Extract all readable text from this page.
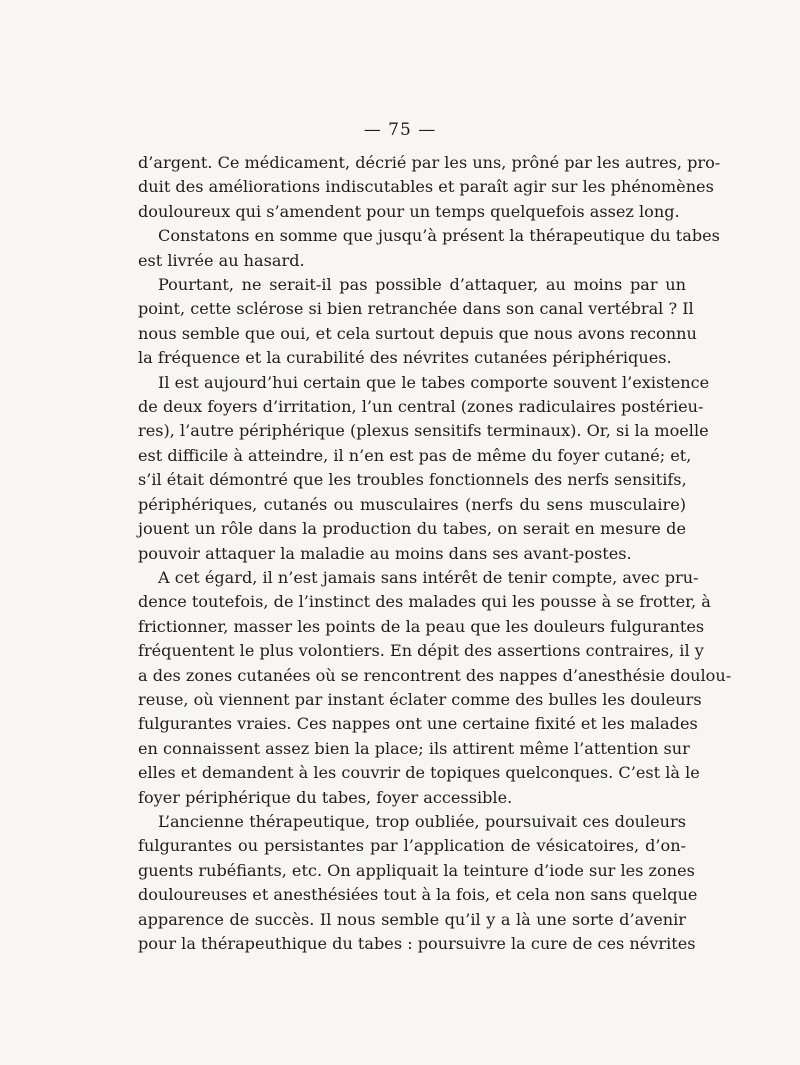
— 75 —
d’argent. Ce médicament, décrié par les uns, prôné par les autres, pro-
duit des améliorations indiscutables et paraît agir sur les phénomènes
douloureux qui s’amendent pour un temps quelquefois assez long.
Constatons en somme que jusqu’à présent la thérapeutique du tabes
est livrée au hasard.
Pourtant, ne serait-il pas possible d’attaquer, au moins par un
point, cette sclérose si bien retranchée dans son canal vertébral ? Il
nous semble que oui, et cela surtout depuis que nous avons reconnu
la fréquence et la curabilité des névrites cutanées périphériques.
Il est aujourd’hui certain que le tabes comporte souvent l’existence
de deux foyers d’irritation, l’un central (zones radiculaires postérieu-
res), l’autre périphérique (plexus sensitifs terminaux). Or, si la moelle
est difficile à atteindre, il n’en est pas de même du foyer cutané; et,
s’il était démontré que les troubles fonctionnels des nerfs sensitifs,
périphériques, cutanés ou musculaires (nerfs du sens musculaire)
jouent un rôle dans la production du tabes, on serait en mesure de
pouvoir attaquer la maladie au moins dans ses avant-postes.
A cet égard, il n’est jamais sans intérêt de tenir compte, avec pru-
dence toutefois, de l’instinct des malades qui les pousse à se frotter, à
frictionner, masser les points de la peau que les douleurs fulgurantes
fréquentent le plus volontiers. En dépit des assertions contraires, il y
a des zones cutanées où se rencontrent des nappes d’anesthésie doulou-
reuse, où viennent par instant éclater comme des bulles les douleurs
fulgurantes vraies. Ces nappes ont une certaine fixité et les malades
en connaissent assez bien la place; ils attirent même l’attention sur
elles et demandent à les couvrir de topiques quelconques. C’est là le
foyer périphérique du tabes, foyer accessible.
L’ancienne thérapeutique, trop oubliée, poursuivait ces douleurs
fulgurantes ou persistantes par l’application de vésicatoires, d’on-
guents rubéfiants, etc. On appliquait la teinture d’iode sur les zones
douloureuses et anesthésiées tout à la fois, et cela non sans quelque
apparence de succès. Il nous semble qu’il y a là une sorte d’avenir
pour la thérapeuthique du tabes : poursuivre la cure de ces névrites
